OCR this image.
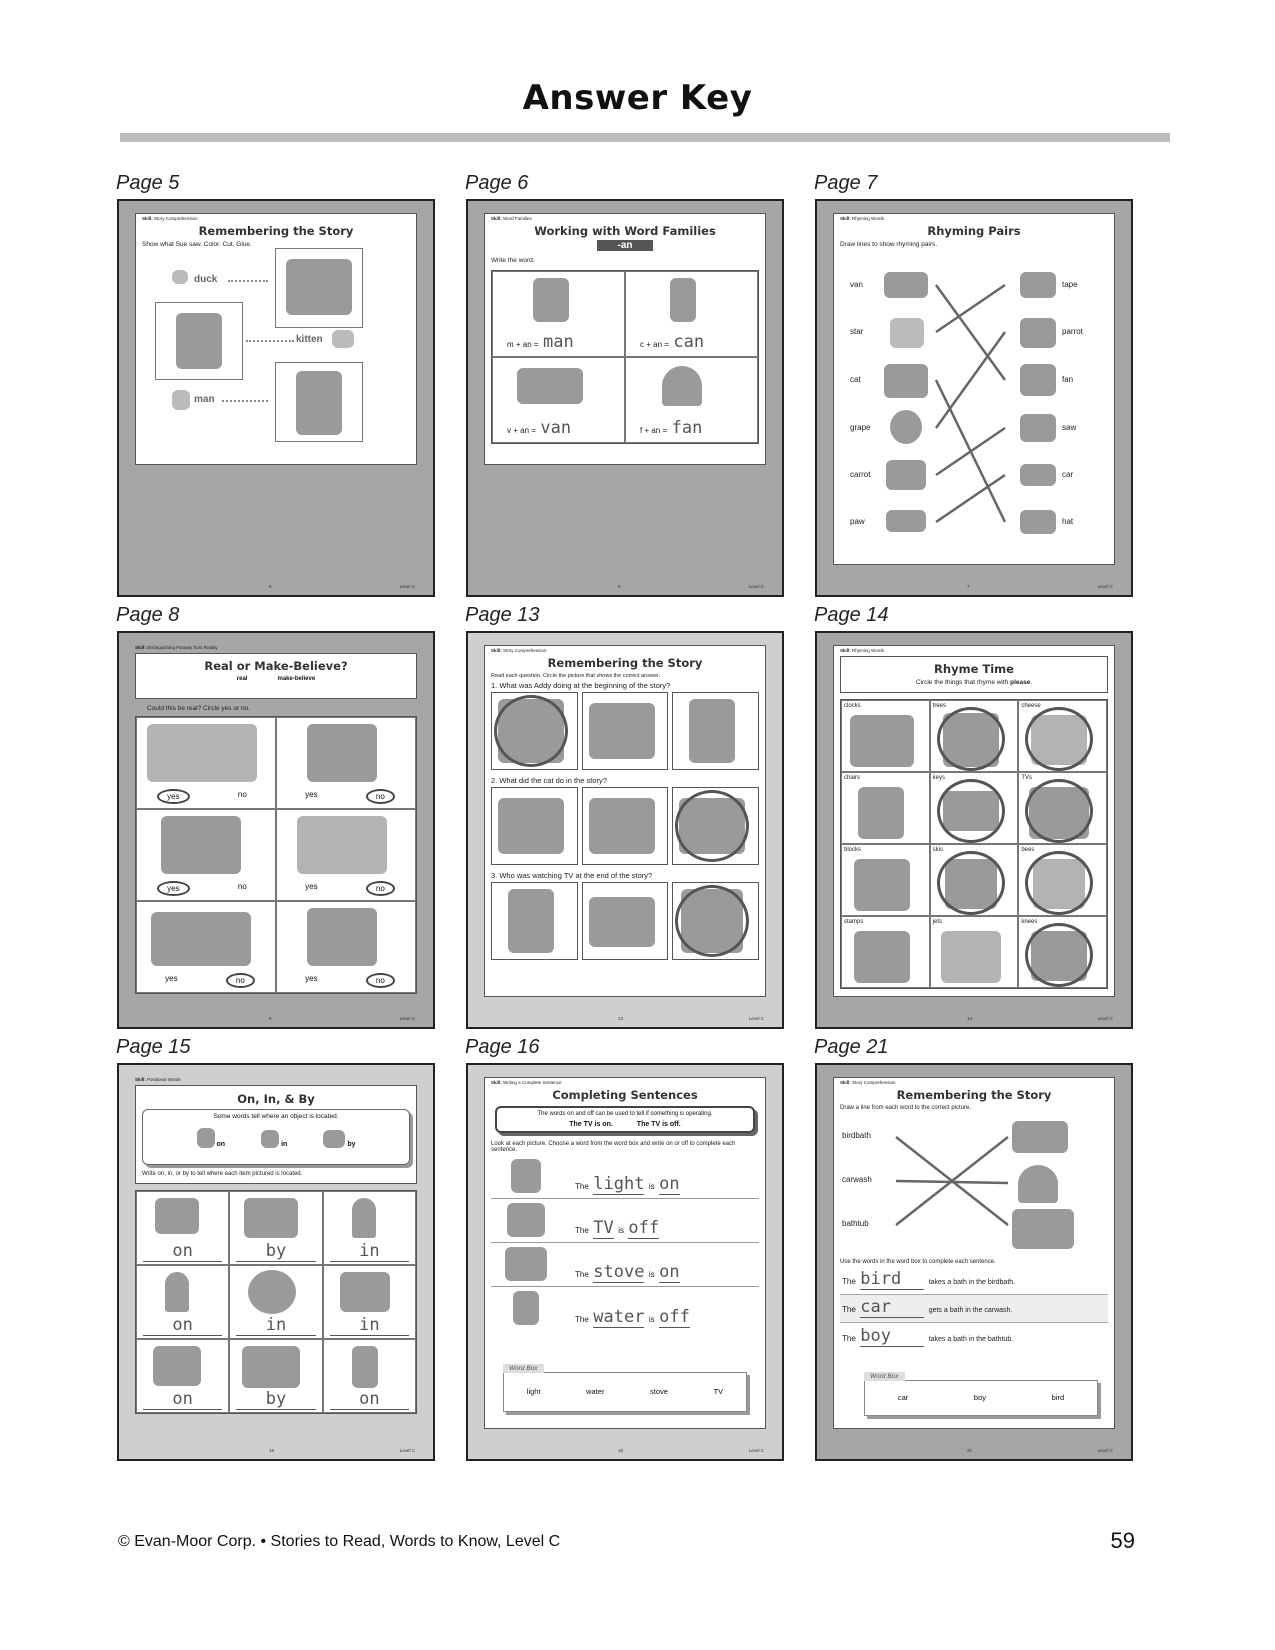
Answer Key
Page 5	Page 6	Page 7
Page 8	Page 13	Page 14
Page 15	Page 16	Page 21
Skill: Story Comprehension
Remembering the Story
Show what Sue saw. Color. Cut. Glue.
duck
kitten
man
5	Level C
Skill: Word Families
Working with Word Families
-an
Write the word.
m + an = man	c + an = can
v + an = van	f + an = fan
6	Level C
Skill: Rhyming Words
Rhyming Pairs
Draw lines to show rhyming pairs.
van
star
cat
grape
carrot
paw
tape
parrot
fan
saw
car
hat
7	Level C
Skill: Distinguishing Fantasy from Reality
Real or Make-Believe?
real	make-believe
Could this be real? Circle yes or no.
yes	no	yes	no
yes	no	yes	no
yes	no	yes	no
8	Level C
Skill: Story Comprehension
Remembering the Story
Read each question. Circle the picture that shows the correct answer.
1. What was Addy doing at the beginning of the story?
2. What did the cat do in the story?
3. Who was watching TV at the end of the story?
13	Level C
Skill: Rhyming Words
Rhyme Time
Circle the things that rhyme with please.
clocks	trees	cheese
chairs	keys	TVs
blocks	skis	bees
stamps	jets	knees
14	Level C
Skill: Positional Words
On, In, & By
Some words tell where an object is located.
on	in	by
Write on, in, or by to tell where each item pictured is located.
on	by	in
on	in	in
on	by	on
15	Level C
Skill: Writing a Complete Sentence
Completing Sentences
The words on and off can be used to tell if something is operating.
The TV is on.	The TV is off.
Look at each picture. Choose a word from the word box and write on or off to complete each sentence.
The light is on
The TV is off
The stove is on
The water is off
Word Box
light	water	stove	TV
16	Level C
Skill: Story Comprehension
Remembering the Story
Draw a line from each word to the correct picture.
birdbath
carwash
bathtub
Use the words in the word box to complete each sentence.
The bird	takes a bath in the birdbath.
The car	gets a bath in the carwash.
The boy	takes a bath in the bathtub.
Word Box
car	boy	bird
21	Level C
© Evan-Moor Corp. • Stories to Read, Words to Know, Level C	59
